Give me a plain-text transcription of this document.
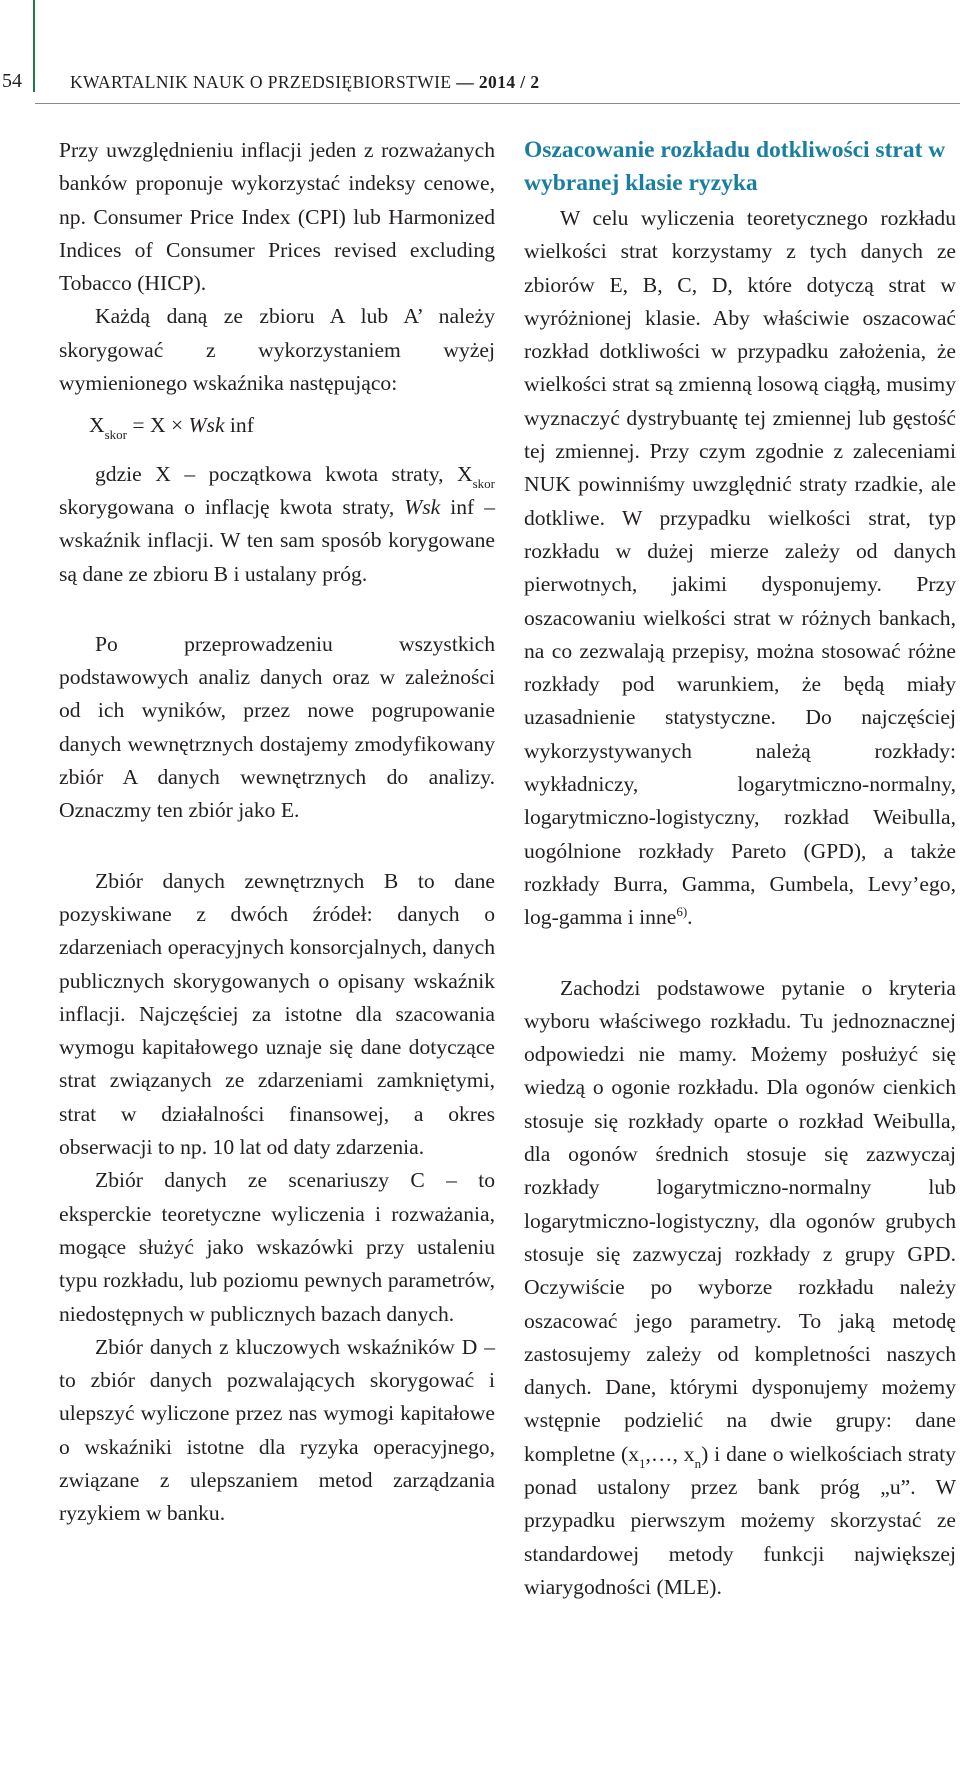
54	KWARTALNIK NAUK O PRZEDSIĘBIORSTWIE — 2014 / 2

Przy uwzględnieniu inflacji jeden z rozważanych banków proponuje wykorzystać indeksy cenowe, np. Consumer Price Index (CPI) lub Harmonized Indices of Consumer Prices revised excluding Tobacco (HICP).

Każdą daną ze zbioru A lub A’ należy skorygować z wykorzystaniem wyżej wymienionego wskaźnika następująco:

$X_{skor} = X$ × Wsk inf

gdzie X – początkowa kwota straty, $X_{skor}$ skorygowana o inflację kwota straty, Wsk inf – wskaźnik inflacji. W ten sam sposób korygowane są dane ze zbioru B i ustalany próg.

Po przeprowadzeniu wszystkich podstawowych analiz danych oraz w zależności od ich wyników, przez nowe pogrupowanie danych wewnętrznych dostajemy zmodyfikowany zbiór A danych wewnętrznych do analizy. Oznaczmy ten zbiór jako E.

Zbiór danych zewnętrznych B to dane pozyskiwane z dwóch źródeł: danych o zdarzeniach operacyjnych konsorcjalnych, danych publicznych skorygowanych o opisany wskaźnik inflacji. Najczęściej za istotne dla szacowania wymogu kapitałowego uznaje się dane dotyczące strat związanych ze zdarzeniami zamkniętymi, strat w działalności finansowej, a okres obserwacji to np. 10 lat od daty zdarzenia.

Zbiór danych ze scenariuszy C – to eksperckie teoretyczne wyliczenia i rozważania, mogące służyć jako wskazówki przy ustaleniu typu rozkładu, lub poziomu pewnych parametrów, niedostępnych w publicznych bazach danych.

Zbiór danych z kluczowych wskaźników D – to zbiór danych pozwalających skorygować i ulepszyć wyliczone przez nas wymogi kapitałowe o wskaźniki istotne dla ryzyka operacyjnego, związane z ulepszaniem metod zarządzania ryzykiem w banku.

Oszacowanie rozkładu dotkliwości strat w wybranej klasie ryzyka

W celu wyliczenia teoretycznego rozkładu wielkości strat korzystamy z tych danych ze zbiorów E, B, C, D, które dotyczą strat w wyróżnionej klasie. Aby właściwie oszacować rozkład dotkliwości w przypadku założenia, że wielkości strat są zmienną losową ciągłą, musimy wyznaczyć dystrybuantę tej zmiennej lub gęstość tej zmiennej. Przy czym zgodnie z zaleceniami NUK powinniśmy uwzględnić straty rzadkie, ale dotkliwe. W przypadku wielkości strat, typ rozkładu w dużej mierze zależy od danych pierwotnych, jakimi dysponujemy. Przy oszacowaniu wielkości strat w różnych bankach, na co zezwalają przepisy, można stosować różne rozkłady pod warunkiem, że będą miały uzasadnienie statystyczne. Do najczęściej wykorzystywanych należą rozkłady: wykładniczy, logarytmiczno-normalny, logarytmiczno-logistyczny, rozkład Weibulla, uogólnione rozkłady Pareto (GPD), a także rozkłady Burra, Gamma, Gumbela, Levy’ego, log-gamma i inne$^{6)}$.

Zachodzi podstawowe pytanie o kryteria wyboru właściwego rozkładu. Tu jednoznacznej odpowiedzi nie mamy. Możemy posłużyć się wiedzą o ogonie rozkładu. Dla ogonów cienkich stosuje się rozkłady oparte o rozkład Weibulla, dla ogonów średnich stosuje się zazwyczaj rozkłady logarytmiczno-normalny lub logarytmiczno-logistyczny, dla ogonów grubych stosuje się zazwyczaj rozkłady z grupy GPD. Oczywiście po wyborze rozkładu należy oszacować jego parametry. To jaką metodę zastosujemy zależy od kompletności naszych danych. Dane, którymi dysponujemy możemy wstępnie podzielić na dwie grupy: dane kompletne ($x_1,\dots$, $x_n$) i dane o wielkościach straty ponad ustalony przez bank próg „u”. W przypadku pierwszym możemy skorzystać ze standardowej metody funkcji największej wiarygodności (MLE).
